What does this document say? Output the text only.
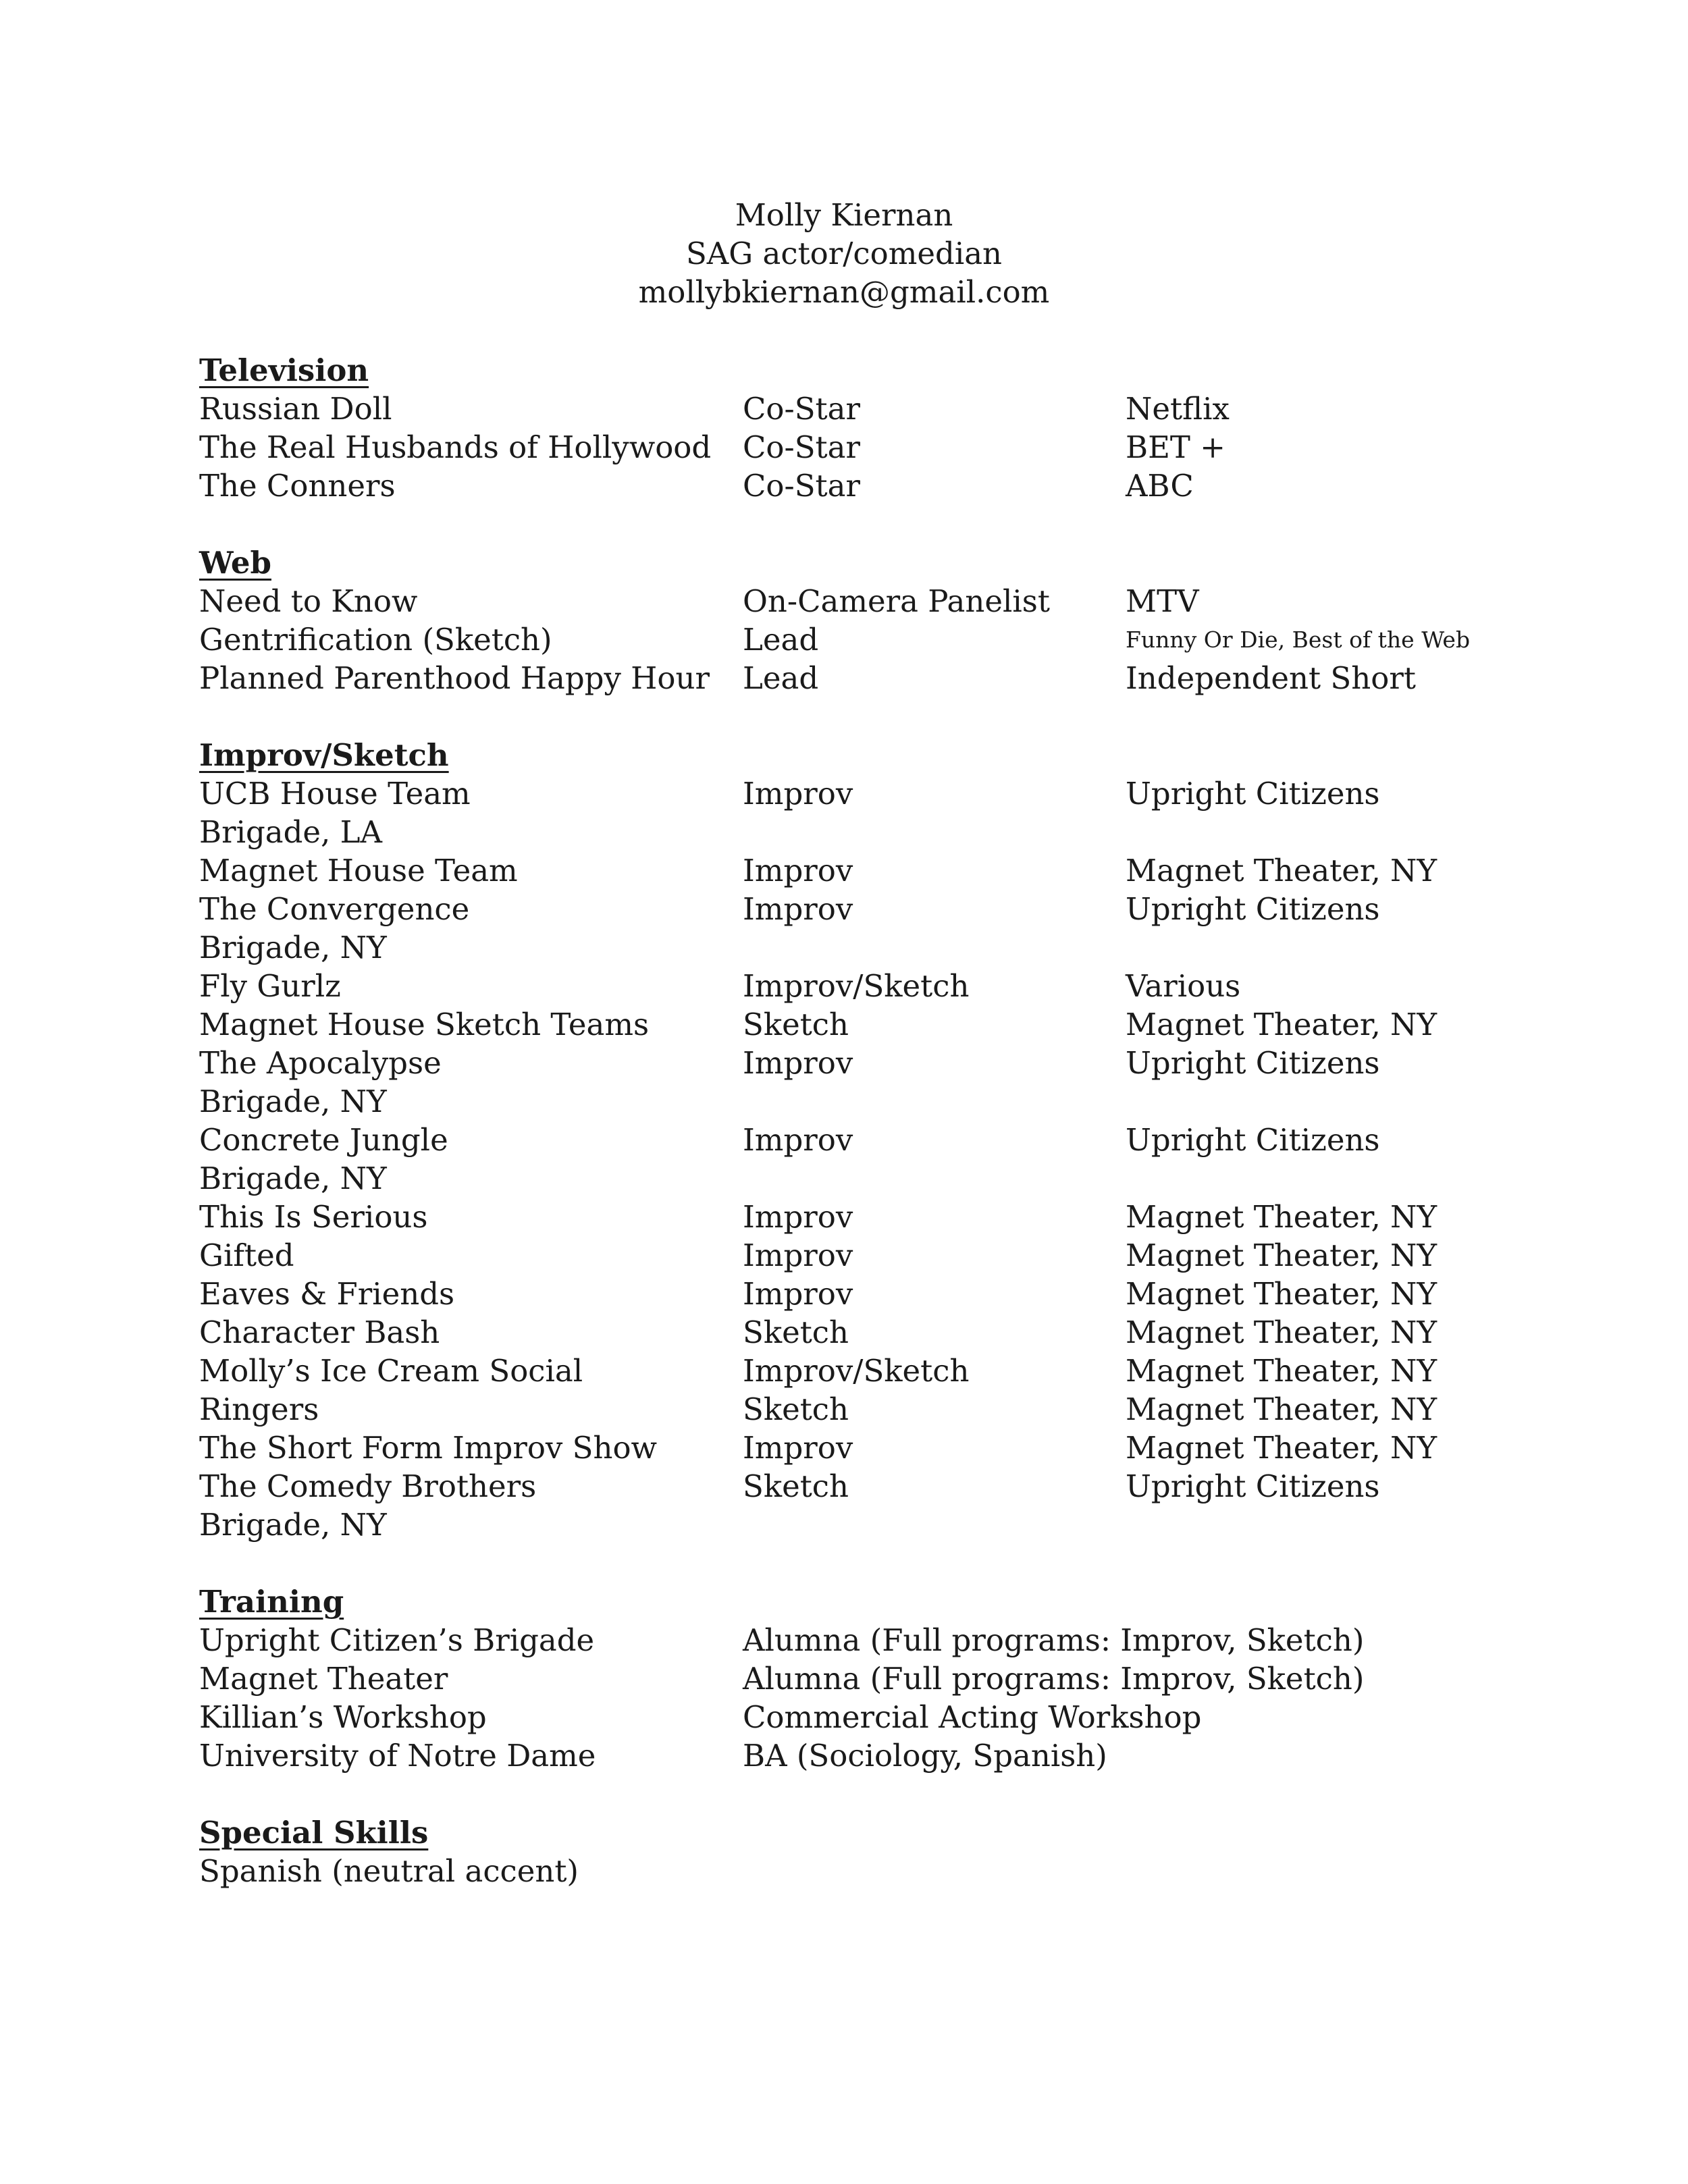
Molly Kiernan
SAG actor/comedian
mollybkiernan@gmail.com
Television
Russian Doll	Co-Star	Netflix
The Real Husbands of Hollywood Co-Star	BET +
The Conners	Co-Star	ABC
Web
Need to Know	On-Camera Panelist MTV
Gentrification (Sketch)	Lead	Funny Or Die, Best of the Web
Planned Parenthood Happy Hour Lead	Independent Short
Improv/Sketch
UCB House Team	Improv	Upright Citizens
Brigade, LA
Magnet House Team	Improv	Magnet Theater, NY
The Convergence	Improv	Upright Citizens
Brigade, NY
Fly Gurlz	Improv/Sketch	Various
Magnet House Sketch Teams	Sketch	Magnet Theater, NY
The Apocalypse	Improv	Upright Citizens
Brigade, NY
Concrete Jungle	Improv	Upright Citizens
Brigade, NY
This Is Serious	Improv	Magnet Theater, NY
Gifted	Improv	Magnet Theater, NY
Eaves & Friends	Improv	Magnet Theater, NY
Character Bash	Sketch	Magnet Theater, NY
Molly’s Ice Cream Social	Improv/Sketch	Magnet Theater, NY
Ringers	Sketch	Magnet Theater, NY
The Short Form Improv Show	Improv	Magnet Theater, NY
The Comedy Brothers	Sketch	Upright Citizens
Brigade, NY
Training
Upright Citizen’s Brigade	Alumna (Full programs: Improv, Sketch)
Magnet Theater	Alumna (Full programs: Improv, Sketch)
Killian’s Workshop	Commercial Acting Workshop
University of Notre Dame	BA (Sociology, Spanish)
Special Skills
Spanish (neutral accent)
